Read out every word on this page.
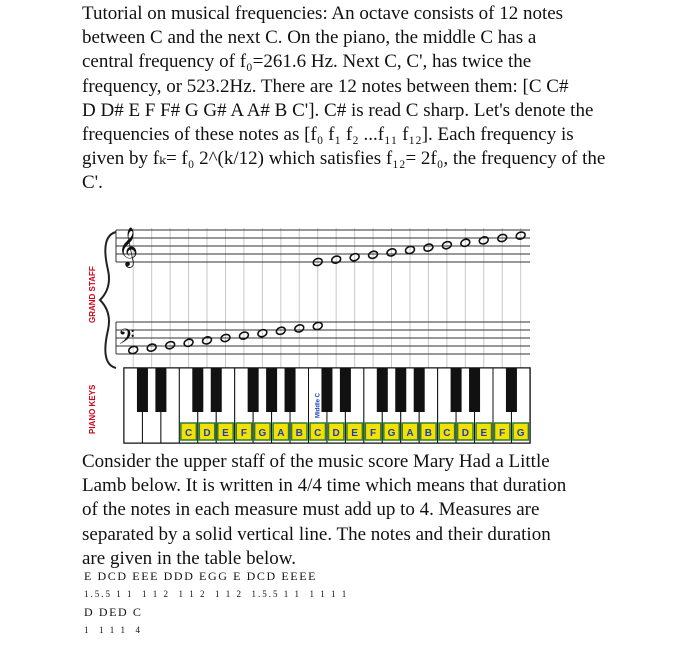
Tutorial on musical frequencies: An octave consists of 12 notes
between C and the next C. On the piano, the middle C has a
central frequency of f₀=261.6 Hz. Next C, C', has twice the
frequency, or 523.2Hz. There are 12 notes between them: [C C#
D D# E F F# G G# A A# B C']. C# is read C sharp. Let's denote the
frequencies of these notes as [f₀ f₁ f₂ ...f₁₁ f₁₂]. Each frequency is
given by fₖ= f₀ 2^(k/12) which satisfies f₁₂= 2f₀, the frequency of the C'.
GRAND STAFF
PIANO KEYS
𝄞
𝄢
C D E F G A B C D E F G A B C D E F G
Middle C
Consider the upper staff of the music score Mary Had a Little
Lamb below. It is written in 4/4 time which means that duration
of the notes in each measure must add up to 4. Measures are
separated by a solid vertical line. The notes and their duration
are given in the table below.
E DCD EEE DDD EGG E DCD EEEE
1.5.5 1 1  1 1 2  1 1 2  1 1 2  1.5.5 1 1  1 1 1 1
D DED C
1  1 1 1  4
